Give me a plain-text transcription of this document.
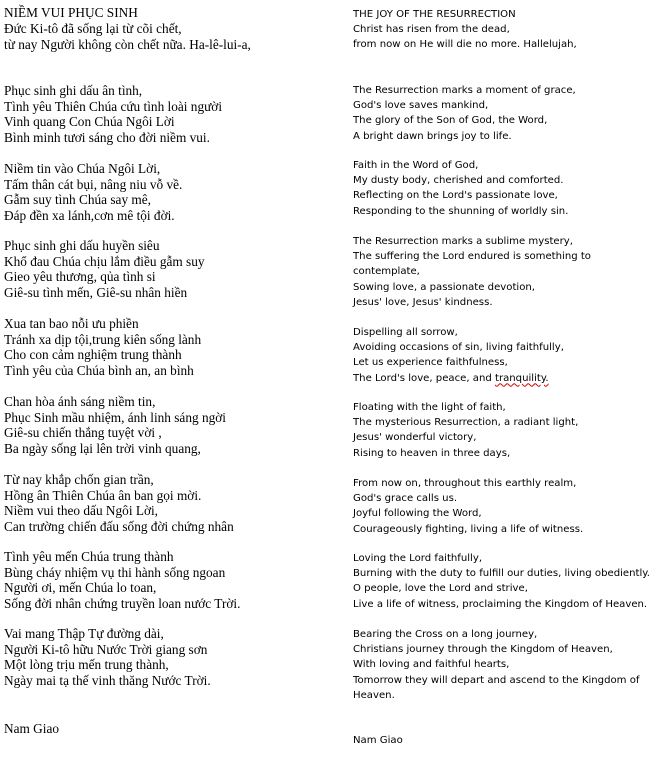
NIỀM VUI PHỤC SINH
Đức Ki-tô đã sống lại từ cõi chết,
từ nay Người không còn chết nữa. Ha-lê-lui-a,
Phục sinh ghi dấu ân tình,
Tình yêu Thiên Chúa cứu tình loài người
Vinh quang Con Chúa Ngôi Lời
Bình minh tươi sáng cho đời niềm vui.
Niềm tin vào Chúa Ngôi Lời,
Tấm thân cát bụi, nâng niu vỗ về.
Gẫm suy tình Chúa say mê,
Đáp đền xa lánh,cơn mê tội đời.
Phục sinh ghi dấu huyền siêu
Khổ đau Chúa chịu lắm điều gẫm suy
Gieo yêu thương, qủa tình si
Giê-su tình mến, Giê-su nhân hiền
Xua tan bao nỗi ưu phiền
Tránh xa dịp tội,trung kiên sống lành
Cho con cảm nghiệm trung thành
Tình yêu của Chúa bình an, an bình
Chan hòa ánh sáng niềm tin,
Phục Sinh mầu nhiệm, ánh linh sáng ngời
Giê-su chiến thắng tuyệt vời ,
Ba ngày sống lại lên trời vinh quang,
Từ nay khắp chốn gian trần,
Hồng ân Thiên Chúa ân ban gọi mời.
Niềm vui theo dấu Ngôi Lời,
Can trường chiến đấu sống đời chứng nhân
Tình yêu mến Chúa trung thành
Bùng cháy nhiệm vụ thi hành sống ngoan
Người ơi, mến Chúa lo toan,
Sống đời nhân chứng truyền loan nước Trời.
Vai mang Thập Tự đường dài,
Người Ki-tô hữu Nước Trời giang sơn
Một lòng trịu mến trung thành,
Ngày mai tạ thế vinh thăng Nước Trời.
Nam Giao
THE JOY OF THE RESURRECTION
Christ has risen from the dead,
from now on He will die no more. Hallelujah,
The Resurrection marks a moment of grace,
God's love saves mankind,
The glory of the Son of God, the Word,
A bright dawn brings joy to life.
Faith in the Word of God,
My dusty body, cherished and comforted.
Reflecting on the Lord's passionate love,
Responding to the shunning of worldly sin.
The Resurrection marks a sublime mystery,
The suffering the Lord endured is something to
contemplate,
Sowing love, a passionate devotion,
Jesus' love, Jesus' kindness.
Dispelling all sorrow,
Avoiding occasions of sin, living faithfully,
Let us experience faithfulness,
The Lord's love, peace, and tranquility.
Floating with the light of faith,
The mysterious Resurrection, a radiant light,
Jesus' wonderful victory,
Rising to heaven in three days,
From now on, throughout this earthly realm,
God's grace calls us.
Joyful following the Word,
Courageously fighting, living a life of witness.
Loving the Lord faithfully,
Burning with the duty to fulfill our duties, living obediently.
O people, love the Lord and strive,
Live a life of witness, proclaiming the Kingdom of Heaven.
Bearing the Cross on a long journey,
Christians journey through the Kingdom of Heaven,
With loving and faithful hearts,
Tomorrow they will depart and ascend to the Kingdom of
Heaven.
Nam Giao
